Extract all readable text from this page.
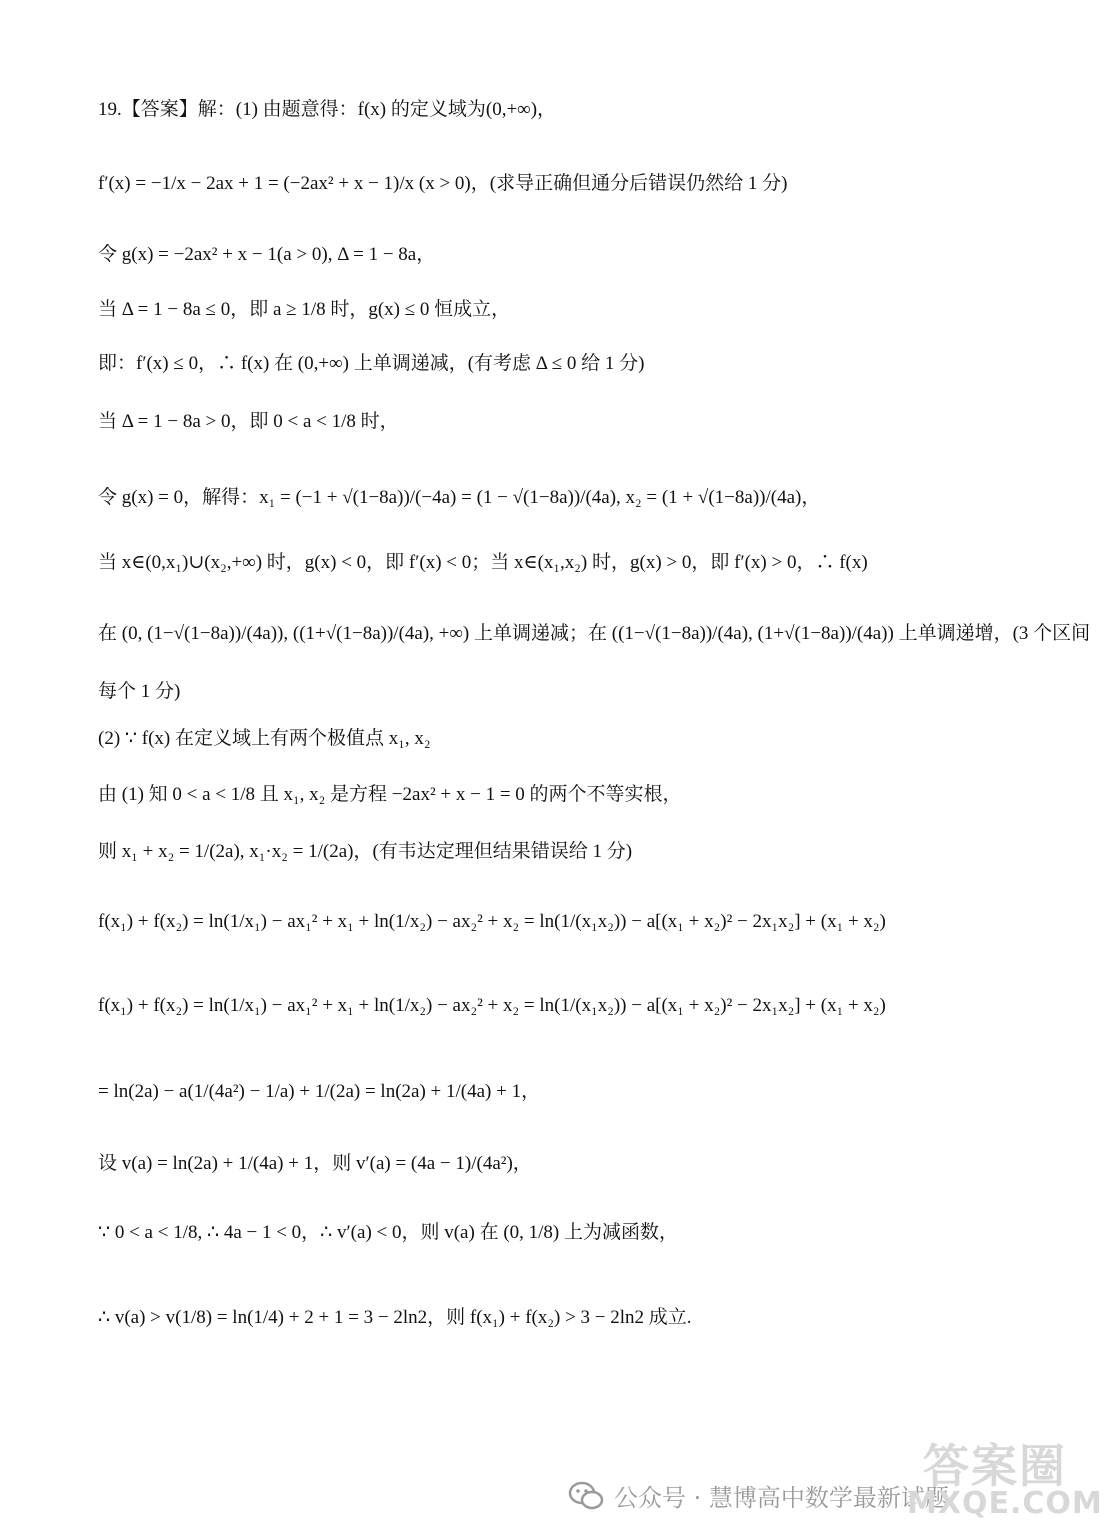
19.【答案】解：(1) 由题意得：f(x) 的定义域为(0,+∞)，
f′(x) = −1/x − 2ax + 1 = (−2ax² + x − 1)/x (x > 0)，(求导正确但通分后错误仍然给 1 分)
令 g(x) = −2ax² + x − 1(a > 0), Δ = 1 − 8a，
当 Δ = 1 − 8a ≤ 0，即 a ≥ 1/8 时，g(x) ≤ 0 恒成立，
即：f′(x) ≤ 0，∴ f(x) 在 (0,+∞) 上单调递减，(有考虑 Δ ≤ 0 给 1 分)
当 Δ = 1 − 8a > 0，即 0 < a < 1/8 时，
令 g(x) = 0，解得：x₁ = (−1 + √(1−8a))/(−4a) = (1 − √(1−8a))/(4a), x₂ = (1 + √(1−8a))/(4a)，
当 x∈(0,x₁)∪(x₂,+∞) 时，g(x) < 0，即 f′(x) < 0；当 x∈(x₁,x₂) 时，g(x) > 0，即 f′(x) > 0，∴ f(x)
在 (0, (1−√(1−8a))/(4a)), ((1+√(1−8a))/(4a), +∞) 上单调递减；在 ((1−√(1−8a))/(4a), (1+√(1−8a))/(4a)) 上单调递增，(3 个区间
每个 1 分)
(2) ∵ f(x) 在定义域上有两个极值点 x₁, x₂
由 (1) 知 0 < a < 1/8 且 x₁, x₂ 是方程 −2ax² + x − 1 = 0 的两个不等实根，
则 x₁ + x₂ = 1/(2a), x₁·x₂ = 1/(2a)，(有韦达定理但结果错误给 1 分)
f(x₁) + f(x₂) = ln(1/x₁) − ax₁² + x₁ + ln(1/x₂) − ax₂² + x₂ = ln(1/(x₁x₂)) − a[(x₁ + x₂)² − 2x₁x₂] + (x₁ + x₂)
f(x₁) + f(x₂) = ln(1/x₁) − ax₁² + x₁ + ln(1/x₂) − ax₂² + x₂ = ln(1/(x₁x₂)) − a[(x₁ + x₂)² − 2x₁x₂] + (x₁ + x₂)
= ln(2a) − a(1/(4a²) − 1/a) + 1/(2a) = ln(2a) + 1/(4a) + 1，
设 v(a) = ln(2a) + 1/(4a) + 1，则 v′(a) = (4a − 1)/(4a²)，
∵ 0 < a < 1/8, ∴ 4a − 1 < 0，∴ v′(a) < 0，则 v(a) 在 (0, 1/8) 上为减函数，
∴ v(a) > v(1/8) = ln(1/4) + 2 + 1 = 3 − 2ln2，则 f(x₁) + f(x₂) > 3 − 2ln2 成立.
公众号 · 慧博高中数学最新试题
答案圈
MXQE.COM
